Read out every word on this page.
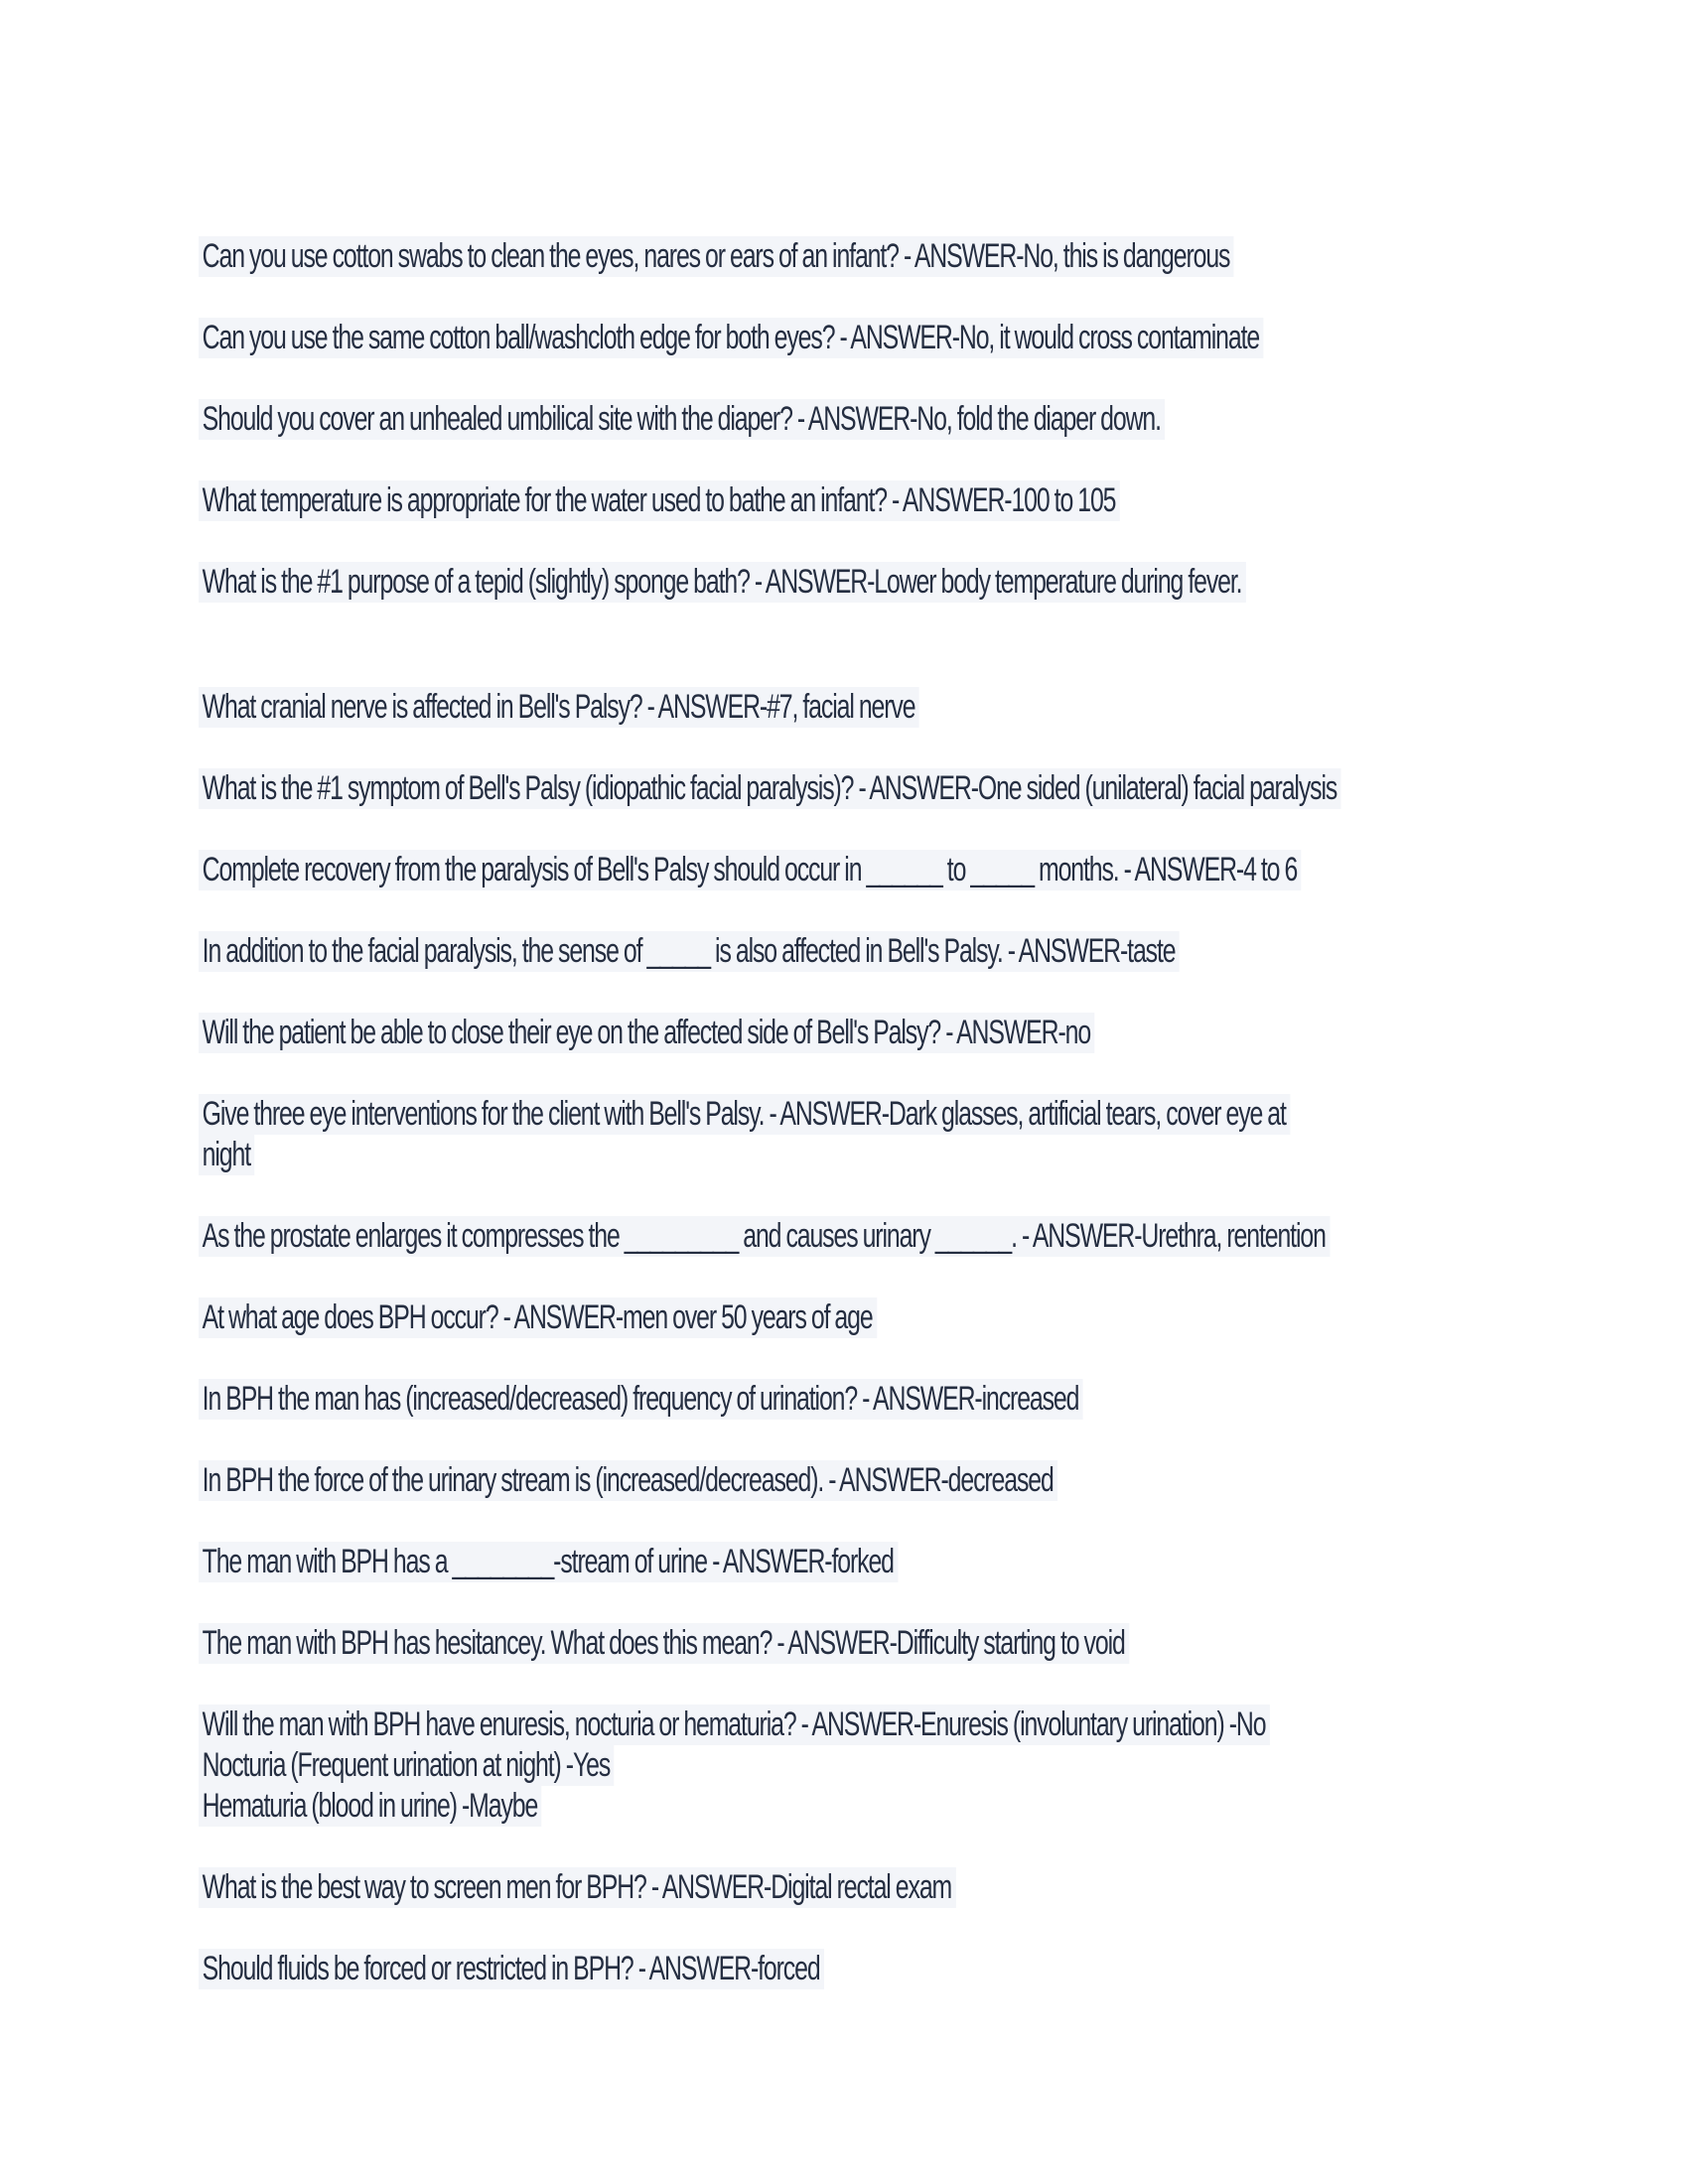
Can you use cotton swabs to clean the eyes, nares or ears of an infant? - ANSWER-No, this is dangerous
Can you use the same cotton ball/washcloth edge for both eyes? - ANSWER-No, it would cross contaminate
Should you cover an unhealed umbilical site with the diaper? - ANSWER-No, fold the diaper down.
What temperature is appropriate for the water used to bathe an infant? - ANSWER-100 to 105
What is the #1 purpose of a tepid (slightly) sponge bath? - ANSWER-Lower body temperature during fever.
What cranial nerve is affected in Bell's Palsy? - ANSWER-#7, facial nerve
What is the #1 symptom of Bell's Palsy (idiopathic facial paralysis)? - ANSWER-One sided (unilateral) facial paralysis
Complete recovery from the paralysis of Bell's Palsy should occur in ______ to _____ months. - ANSWER-4 to 6
In addition to the facial paralysis, the sense of _____ is also affected in Bell's Palsy. - ANSWER-taste
Will the patient be able to close their eye on the affected side of Bell's Palsy? - ANSWER-no
Give three eye interventions for the client with Bell's Palsy. - ANSWER-Dark glasses, artificial tears, cover eye at
night
As the prostate enlarges it compresses the _________ and causes urinary ______. - ANSWER-Urethra, rentention
At what age does BPH occur? - ANSWER-men over 50 years of age
In BPH the man has (increased/decreased) frequency of urination? - ANSWER-increased
In BPH the force of the urinary stream is (increased/decreased). - ANSWER-decreased
The man with BPH has a ________-stream of urine - ANSWER-forked
The man with BPH has hesitancey. What does this mean? - ANSWER-Difficulty starting to void
Will the man with BPH have enuresis, nocturia or hematuria? - ANSWER-Enuresis (involuntary urination) -No
Nocturia (Frequent urination at night) -Yes
Hematuria (blood in urine) -Maybe
What is the best way to screen men for BPH? - ANSWER-Digital rectal exam
Should fluids be forced or restricted in BPH? - ANSWER-forced
